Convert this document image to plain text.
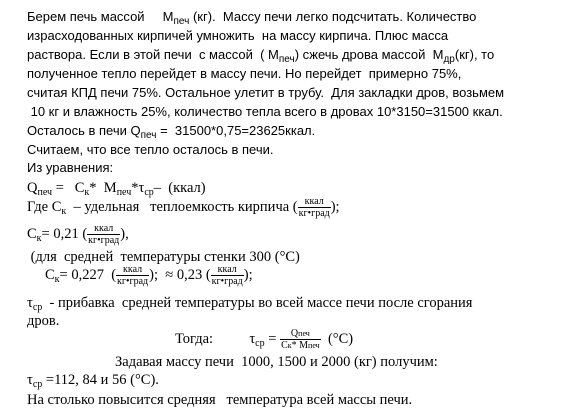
Берем печь массой     $M_{печ}$ (кг).  Массу печи легко подсчитать. Количество
израсходованных кирпичей умножить  на массу кирпича. Плюс масса
раствора. Если в этой печи  с массой  ( $M_{печ}$) сжечь дрова массой  $M_{др}(кг)$, то
полученное тепло перейдет в массу печи. Но перейдет  примерно 75%,
считая КПД печи 75%. Остальное улетит в трубу.  Для закладки дров, возьмем
10 кг и влажность 25%, количество тепла всего в дровах 10*3150=31500 ккал.
Осталось в печи $Q_{печ}$ =  31500*0,75=23625ккал.
Считаем, что все тепло осталось в печи.
Из уравнения:
$Q_{печ} = C_к*$  $M_{печ}*\tau_{ср}-$  (ккал)
Где $C_к$  – удельная   теплоемкость кирпича ( $\frac{\text{ккал}}{\text{кг•град}}$ );
$C_к= 0,21$ ( $\frac{\text{ккал}}{\text{кг•град}}$ ),
(для  средней  температуры стенки 300 (°C)
$C_к= 0,227$  ( $\frac{\text{ккал}}{\text{кг•град}}$ );  ≈ 0,23 ( $\frac{\text{ккал}}{\text{кг•град}}$ );
$\tau_{ср}$  - прибавка  средней температуры во всей массе печи после сгорания
дров.
Тогда:	$\tau_{ср} = \frac{\text{Qпеч}}{\text{Cк* Mпеч}} (^\circ C)$
Задавая массу печи  1000, 1500 и 2000 (кг) получим:
$\tau_{ср} =112$, 84 и 56 (°C).
На столько повысится средняя   температура всей массы печи.
